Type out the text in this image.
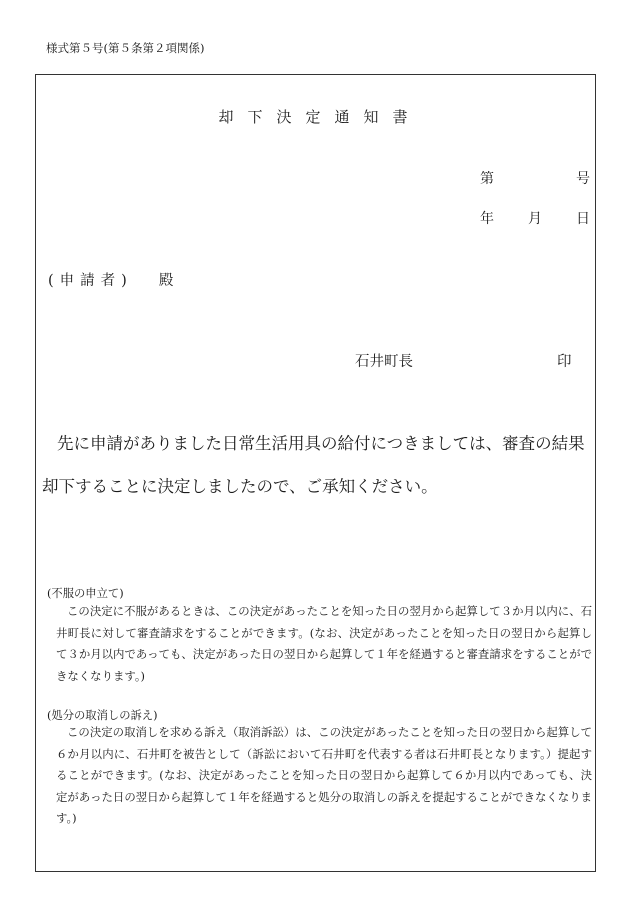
様式第５号(第５条第２項関係)
却下決定通知書
第	号
年 月 日
(申請者) 殿
石井町長	印
先に申請がありました日常生活用具の給付につきましては、審査の結果
却下することに決定しましたので、ご承知ください。
(不服の申立て)
この決定に不服があるときは、この決定があったことを知った日の翌月から起算して３か月以内に、石井町長に対して審査請求をすることができます。(なお、決定があったことを知った日の翌日から起算して３か月以内であっても、決定があった日の翌日から起算して１年を経過すると審査請求をすることができなくなります。)
(処分の取消しの訴え)
この決定の取消しを求める訴え（取消訴訟）は、この決定があったことを知った日の翌日から起算して６か月以内に、石井町を被告として（訴訟において石井町を代表する者は石井町長となります。）提起することができます。(なお、決定があったことを知った日の翌日から起算して６か月以内であっても、決定があった日の翌日から起算して１年を経過すると処分の取消しの訴えを提起することができなくなります。)
